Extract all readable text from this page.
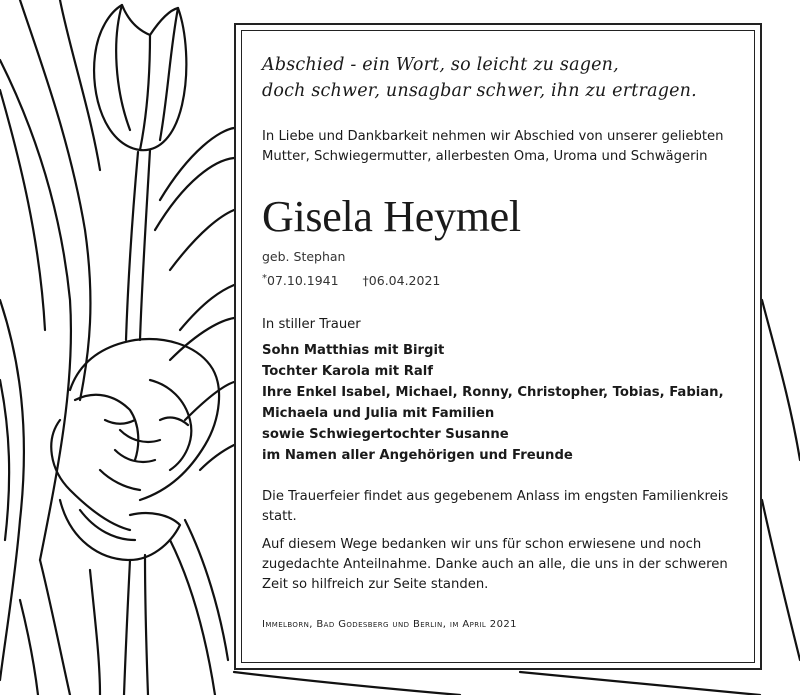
Abschied - ein Wort, so leicht zu sagen,

doch schwer, unsagbar schwer, ihn zu ertragen.

In Liebe und Dankbarkeit nehmen wir Abschied von unserer geliebten

Mutter, Schwiegermutter, allerbesten Oma, Uroma und Schwägerin

Gisela Heymel

geb. Stephan

*07.10.1941 †06.04.2021

In stiller Trauer

Sohn Matthias mit Birgit

Tochter Karola mit Ralf

Ihre Enkel Isabel, Michael, Ronny, Christopher, Tobias, Fabian,

Michaela und Julia mit Familien

sowie Schwiegertochter Susanne

im Namen aller Angehörigen und Freunde

Die Trauerfeier findet aus gegebenem Anlass im engsten Familienkreis

statt.

Auf diesem Wege bedanken wir uns für schon erwiesene und noch

zugedachte Anteilnahme. Danke auch an alle, die uns in der schweren

Zeit so hilfreich zur Seite standen.

Immelborn, Bad Godesberg und Berlin, im April 2021
